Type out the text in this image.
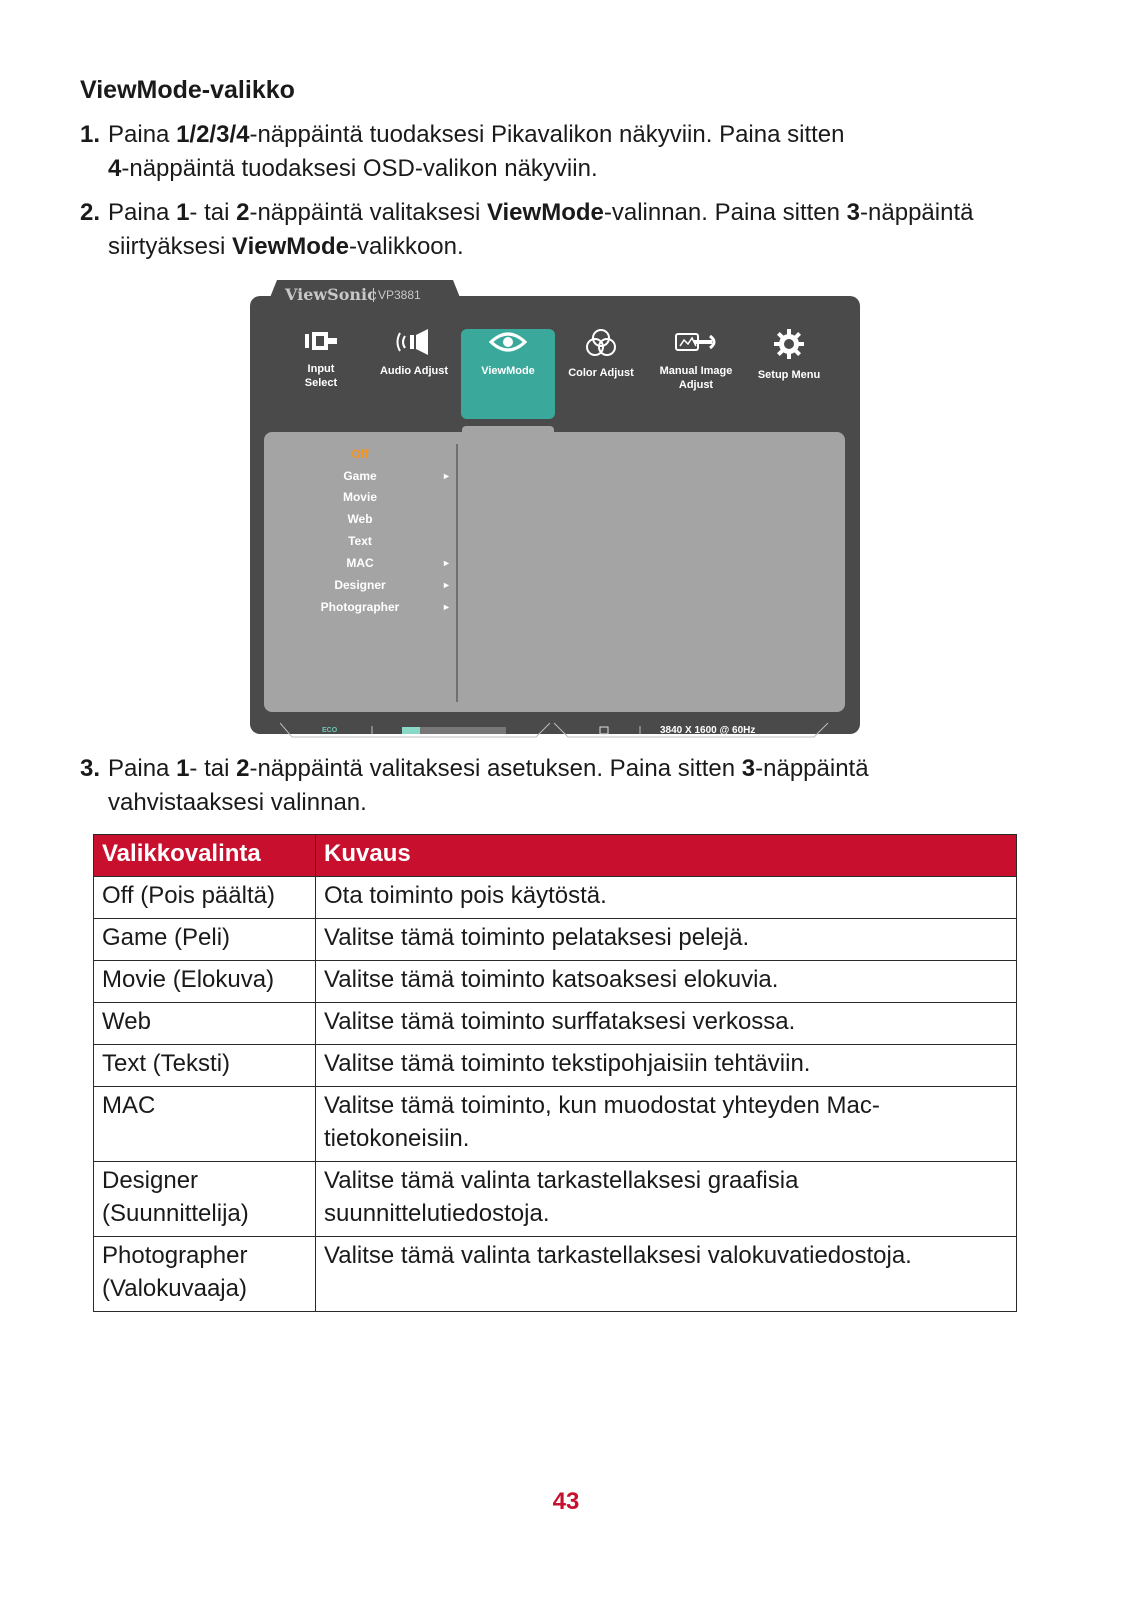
ViewMode-valikko
1. Paina 1/2/3/4-näppäintä tuodaksesi Pikavalikon näkyviin. Paina sitten
4-näppäintä tuodaksesi OSD-valikon näkyviin.
2. Paina 1- tai 2-näppäintä valitaksesi ViewMode-valinnan. Paina sitten 3-näppäintä
siirtyäksesi ViewMode-valikkoon.
Input
Select
Audio Adjust	ViewMode	Color Adjust	Manual Image
Adjust
Setup Menu
Off
Game	►
Movie
Web
Text
MAC	►
Designer	►
Photographer	►
ECO	3840 X 1600 @ 60Hz
ViewSonic VP3881
3. Paina 1- tai 2-näppäintä valitaksesi asetuksen. Paina sitten 3-näppäintä
vahvistaaksesi valinnan.
Valikkovalinta	Kuvaus
Off (Pois päältä)	Ota toiminto pois käytöstä.
Game (Peli)	Valitse tämä toiminto pelataksesi pelejä.
Movie (Elokuva)	Valitse tämä toiminto katsoaksesi elokuvia.
Web	Valitse tämä toiminto surffataksesi verkossa.
Text (Teksti)	Valitse tämä toiminto tekstipohjaisiin tehtäviin.
MAC	Valitse tämä toiminto, kun muodostat yhteyden Mac-tietokoneisiin.
Designer (Suunnittelija)	Valitse tämä valinta tarkastellaksesi graafisia suunnittelutiedostoja.
Photographer (Valokuvaaja)	Valitse tämä valinta tarkastellaksesi valokuvatiedostoja.
43
